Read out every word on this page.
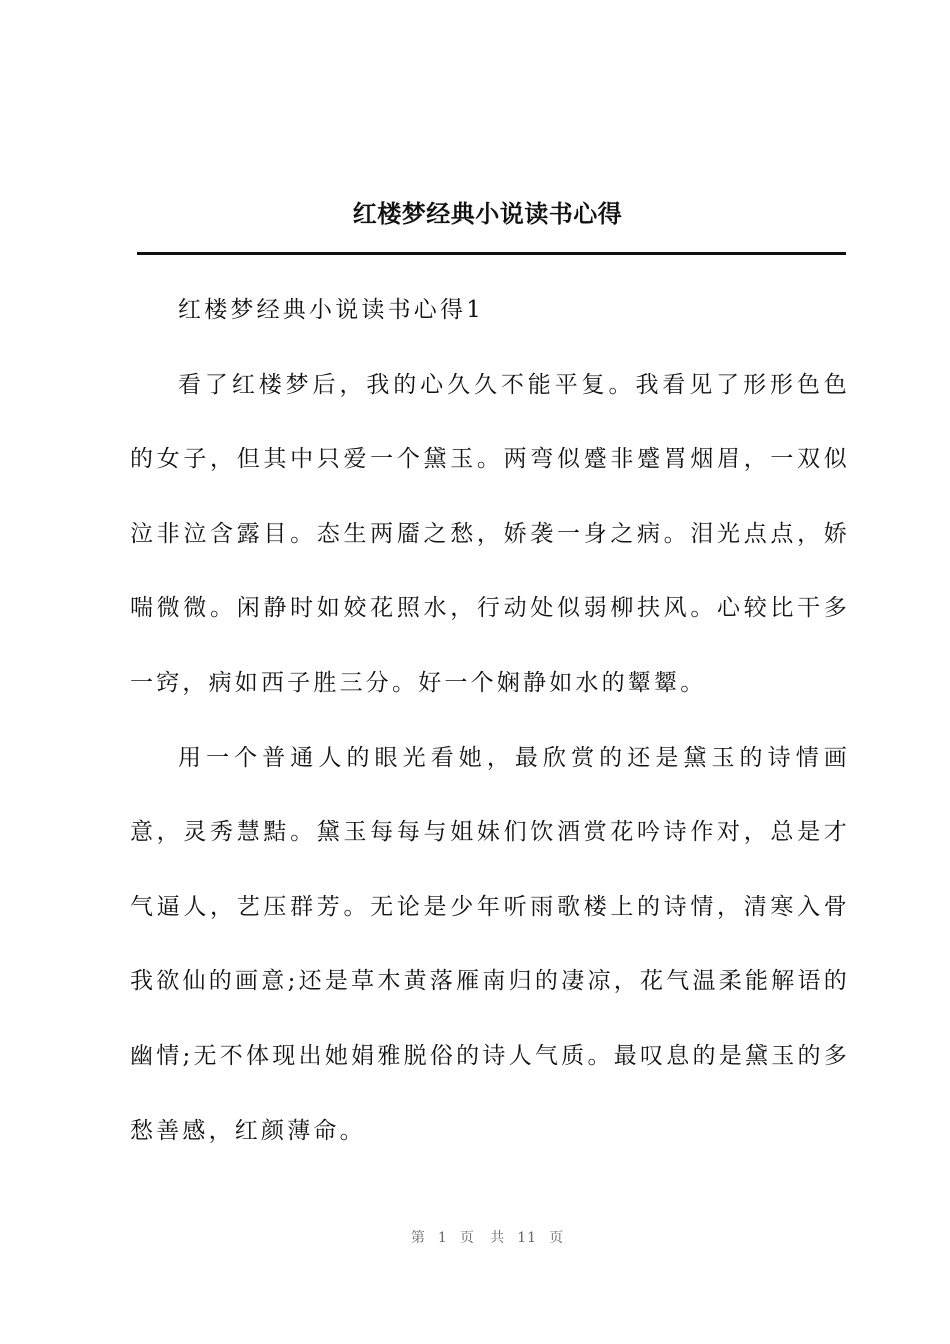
红楼梦经典小说读书心得

红楼梦经典小说读书心得1

看了红楼梦后，我的心久久不能平复。我看见了形形色色的女子，但其中只爱一个黛玉。两弯似蹙非蹙罥烟眉，一双似泣非泣含露目。态生两靥之愁，娇袭一身之病。泪光点点，娇喘微微。闲静时如姣花照水，行动处似弱柳扶风。心较比干多一窍，病如西子胜三分。好一个娴静如水的颦颦。

用一个普通人的眼光看她，最欣赏的还是黛玉的诗情画意，灵秀慧黠。黛玉每每与姐妹们饮酒赏花吟诗作对，总是才气逼人，艺压群芳。无论是少年听雨歌楼上的诗情，清寒入骨我欲仙的画意;还是草木黄落雁南归的凄凉，花气温柔能解语的幽情;无不体现出她娟雅脱俗的诗人气质。最叹息的是黛玉的多愁善感，红颜薄命。

第 1 页 共 11 页
